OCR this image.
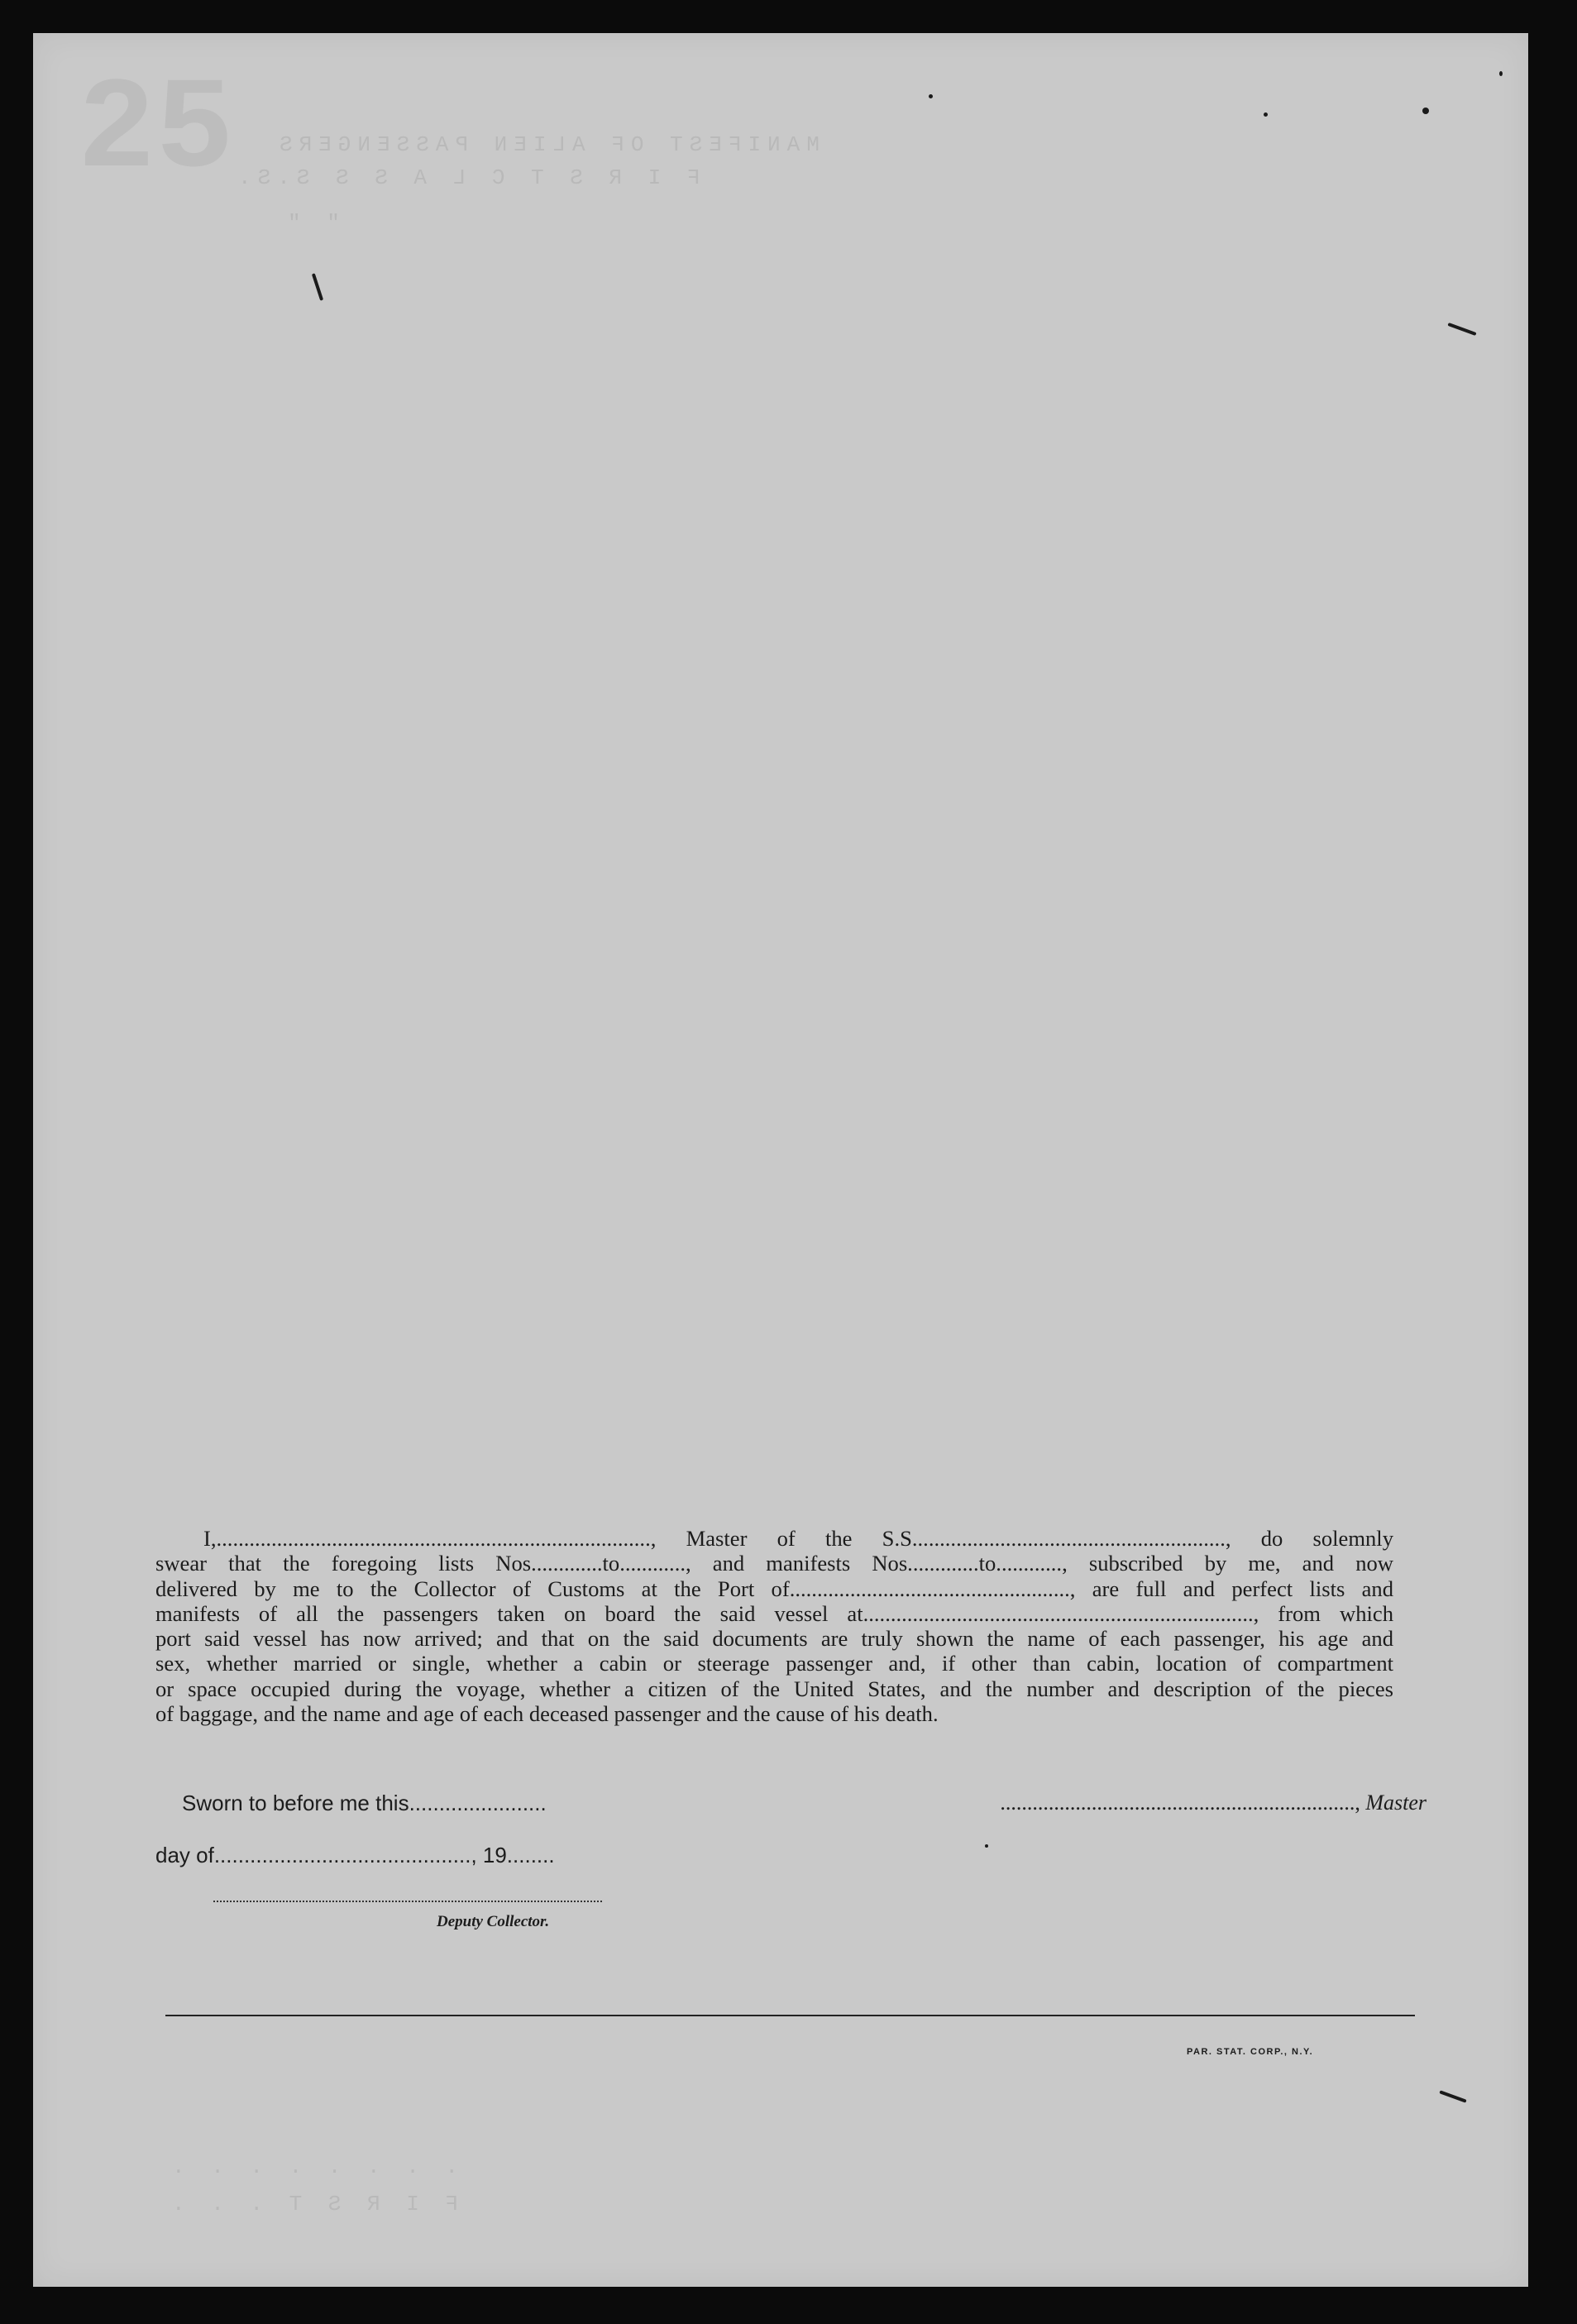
25 MANIFEST OF ALIEN PASSENGERS
F I R S T C L A S S S.S.
" "
. . . . . . . .
F I R S T . . .
I,..............................................................................., Master of the S.S........................................................., do solemnly
swear that the foregoing lists Nos.............to............, and manifests Nos.............to............, subscribed by me, and now
delivered by me to the Collector of Customs at the Port of..................................................., are full and perfect lists and
manifests of all the passengers taken on board the said vessel at......................................................................., from which
port said vessel has now arrived; and that on the said documents are truly shown the name of each passenger, his age and
sex, whether married or single, whether a cabin or steerage passenger and, if other than cabin, location of compartment
or space occupied during the voyage, whether a citizen of the United States, and the number and description of the pieces
of baggage, and the name and age of each deceased passenger and the cause of his death.
Sworn to before me this.......................	.................................................................., Master
day of..........................................., 19........
Deputy Collector.
PAR. STAT. CORP., N.Y.
